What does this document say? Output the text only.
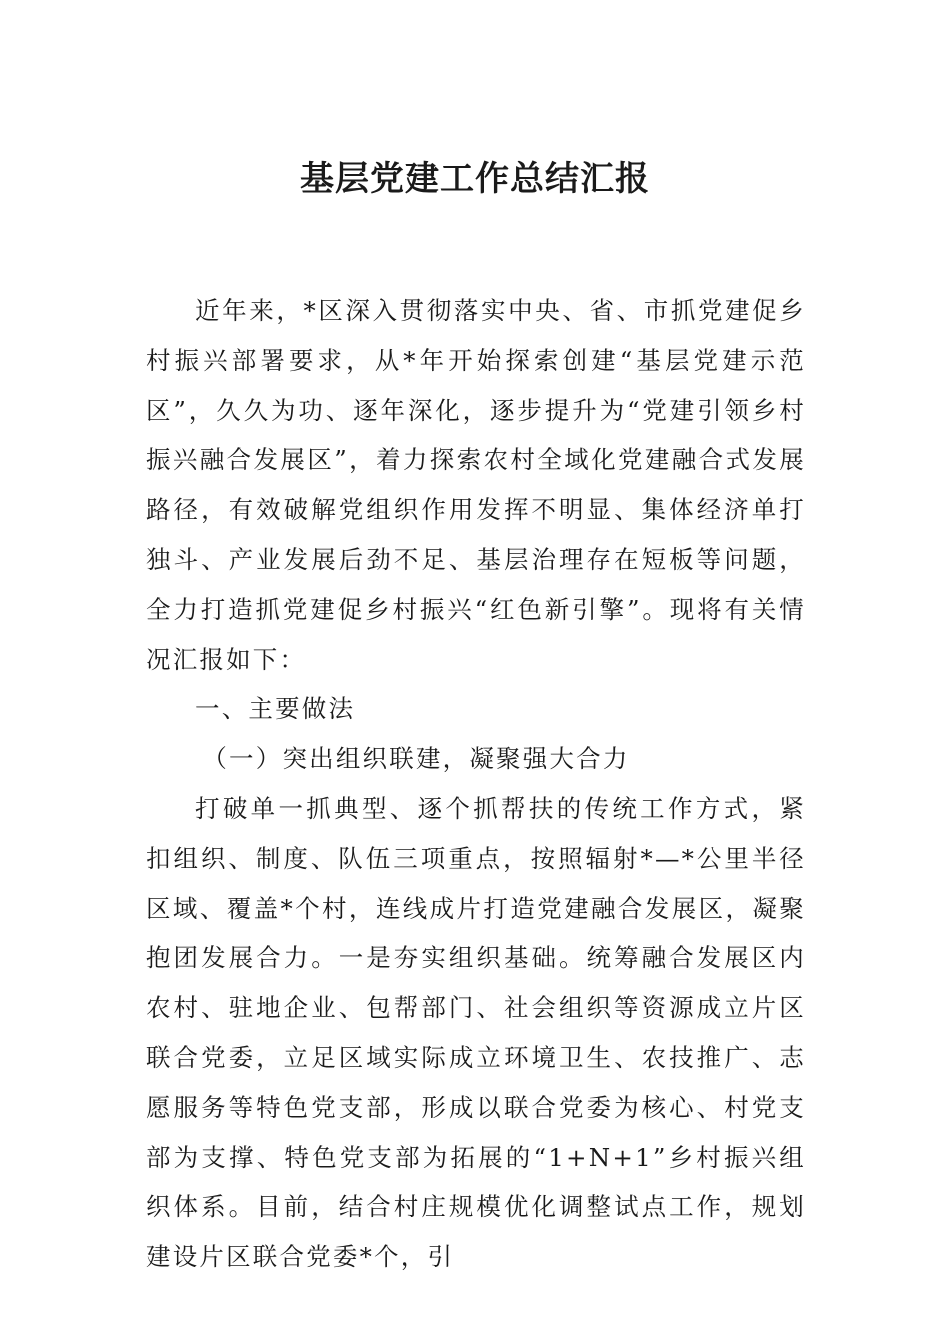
基层党建工作总结汇报

近年来，*区深入贯彻落实中央、省、市抓党建促乡村振兴部署要求，从*年开始探索创建“基层党建示范区”，久久为功、逐年深化，逐步提升为“党建引领乡村振兴融合发展区”，着力探索农村全域化党建融合式发展路径，有效破解党组织作用发挥不明显、集体经济单打独斗、产业发展后劲不足、基层治理存在短板等问题，全力打造抓党建促乡村振兴“红色新引擎”。现将有关情况汇报如下：

一、主要做法

（一）突出组织联建，凝聚强大合力

打破单一抓典型、逐个抓帮扶的传统工作方式，紧扣组织、制度、队伍三项重点，按照辐射*—*公里半径区域、覆盖*个村，连线成片打造党建融合发展区，凝聚抱团发展合力。一是夯实组织基础。统筹融合发展区内农村、驻地企业、包帮部门、社会组织等资源成立片区联合党委，立足区域实际成立环境卫生、农技推广、志愿服务等特色党支部，形成以联合党委为核心、村党支部为支撑、特色党支部为拓展的“1+N+1”乡村振兴组织体系。目前，结合村庄规模优化调整试点工作，规划建设片区联合党委*个，引
